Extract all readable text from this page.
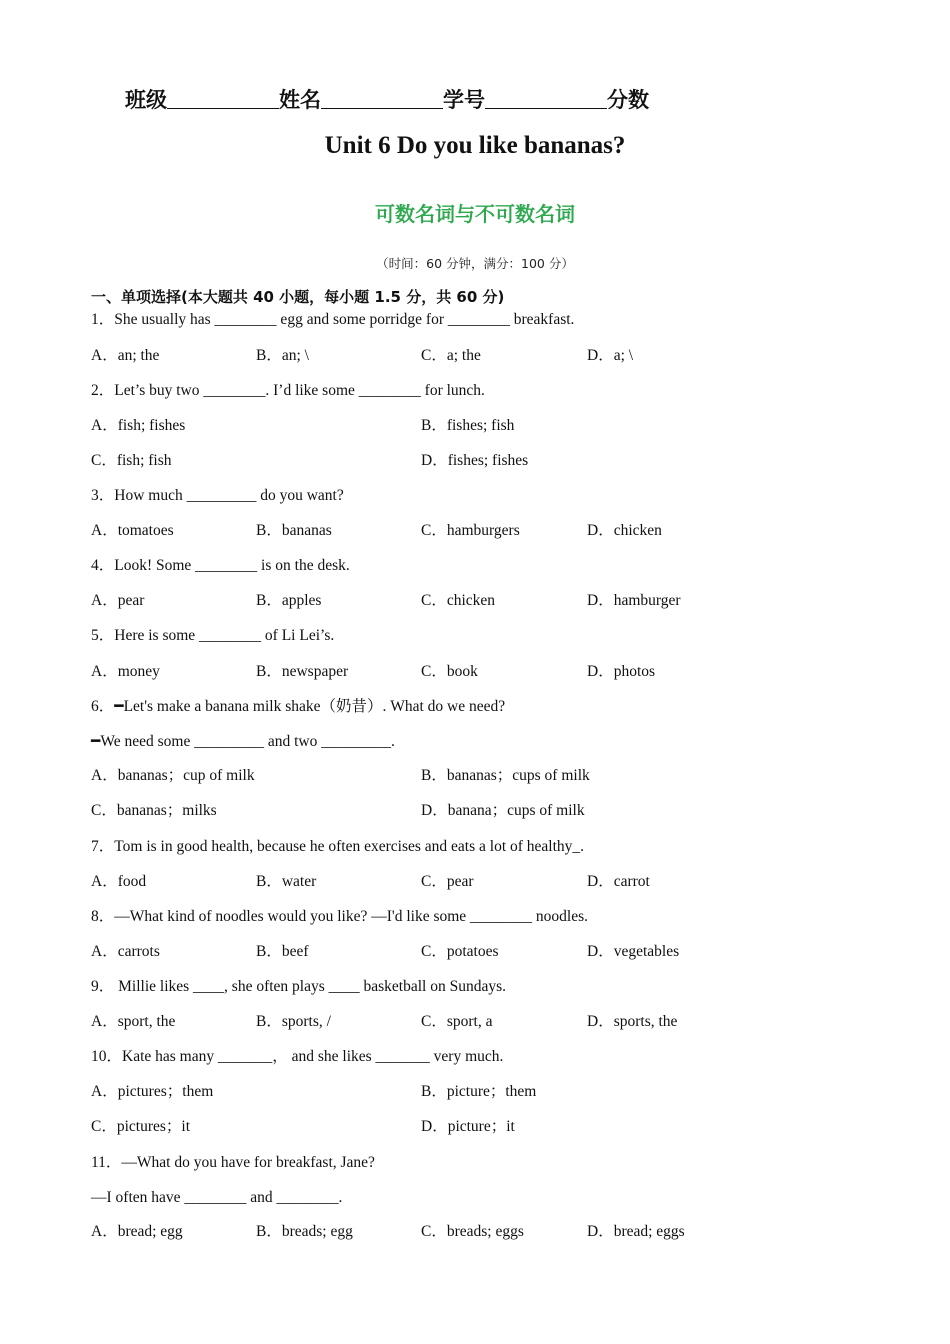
班级	姓名	学号	分数
Unit 6 Do you like bananas?
可数名词与不可数名词
（时间：60 分钟，满分：100 分）
一、单项选择(本大题共 40 小题，每小题 1.5 分，共 60 分)
1．She usually has ________ egg and some porridge for ________ breakfast.
A．an; the	B．an; \	C．a; the	D．a; \
2．Let’s buy two ________. I’d like some ________ for lunch.
A．fish; fishes	B．fishes; fish
C．fish; fish	D．fishes; fishes
3．How much _________ do you want?
A．tomatoes	B．bananas	C．hamburgers	D．chicken
4．Look! Some ________ is on the desk.
A．pear	B．apples	C．chicken	D．hamburger
5．Here is some ________ of Li Lei’s.
A．money	B．newspaper	C．book	D．photos
6．━Let's make a banana milk shake（奶昔）. What do we need?
━We need some _________ and two _________.
A．bananas；cup of milk	B．bananas；cups of milk
C．bananas；milks	D．banana；cups of milk
7．Tom is in good health, because he often exercises and eats a lot of healthy_.
A．food	B．water	C．pear	D．carrot
8．—What kind of noodles would you like? —I'd like some ________ noodles.
A．carrots	B．beef	C．potatoes	D．vegetables
9． Millie likes ____, she often plays ____ basketball on Sundays.
A．sport, the	B．sports, /	C．sport, a	D．sports, the
10．Kate has many _______， and she likes _______ very much.
A．pictures；them	B．picture；them
C．pictures；it	D．picture；it
11．—What do you have for breakfast, Jane?
—I often have ________ and ________.
A．bread; egg	B．breads; egg	C．breads; eggs	D．bread; eggs
